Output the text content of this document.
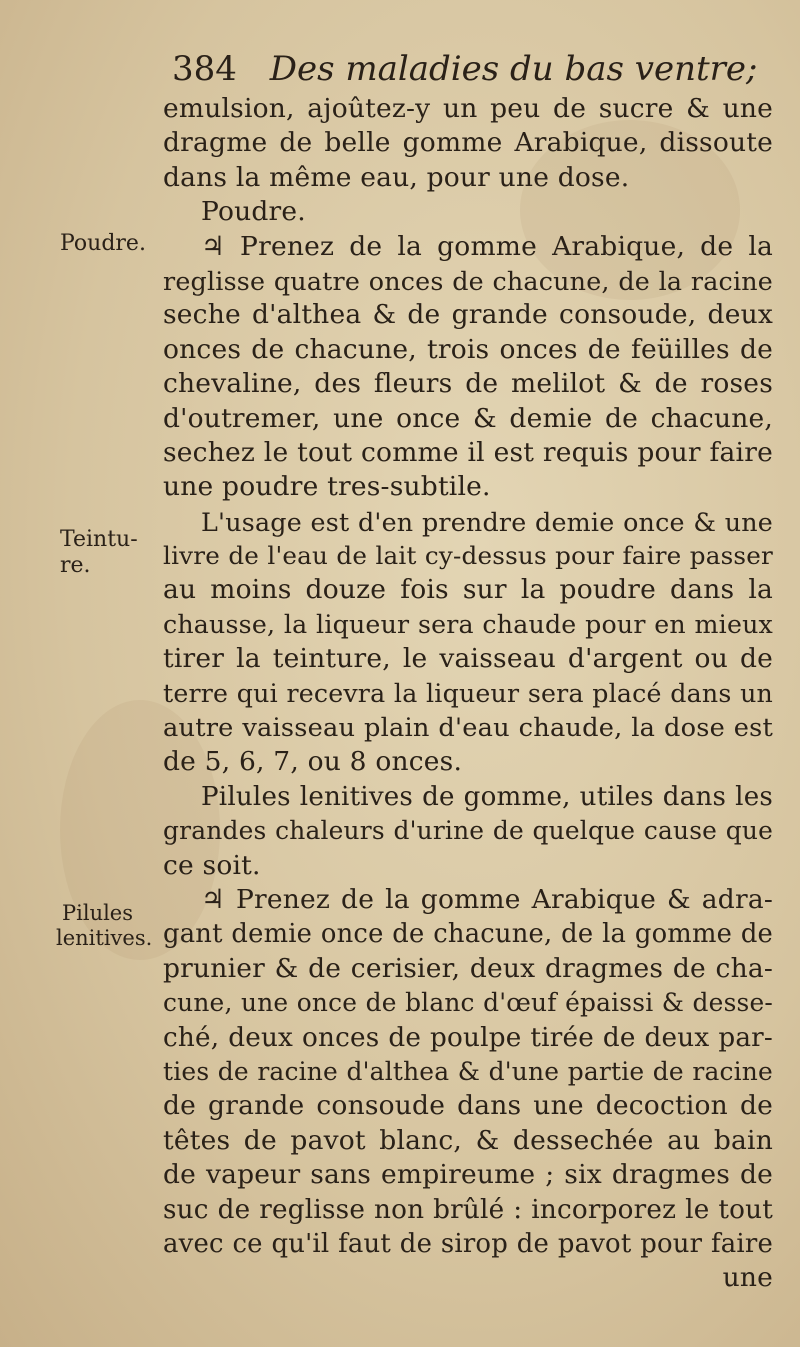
384 Des maladies du bas ventre;
Poudre.
Teintu-
re.
Pilules
lenitives.
emulsion, ajoûtez-y un peu de sucre & une
dragme de belle gomme Arabique, dissoute
dans la même eau, pour une dose.
Poudre.
♃ Prenez de la gomme Arabique, de la
reglisse quatre onces de chacune, de la racine
seche d'althea & de grande consoude, deux
onces de chacune, trois onces de feüilles de
chevaline, des fleurs de melilot & de roses
d'outremer, une once & demie de chacune,
sechez le tout comme il est requis pour faire
une poudre tres-subtile.
L'usage est d'en prendre demie once & une
livre de l'eau de lait cy-dessus pour faire passer
au moins douze fois sur la poudre dans la
chausse, la liqueur sera chaude pour en mieux
tirer la teinture, le vaisseau d'argent ou de
terre qui recevra la liqueur sera placé dans un
autre vaisseau plain d'eau chaude, la dose est
de 5, 6, 7, ou 8 onces.
Pilules lenitives de gomme, utiles dans les
grandes chaleurs d'urine de quelque cause que
ce soit.
♃ Prenez de la gomme Arabique & adra-
gant demie once de chacune, de la gomme de
prunier & de cerisier, deux dragmes de cha-
cune, une once de blanc d'œuf épaissi & desse-
ché, deux onces de poulpe tirée de deux par-
ties de racine d'althea & d'une partie de racine
de grande consoude dans une decoction de
têtes de pavot blanc, & dessechée au bain
de vapeur sans empireume ; six dragmes de
suc de reglisse non brûlé : incorporez le tout
avec ce qu'il faut de sirop de pavot pour faire
une
